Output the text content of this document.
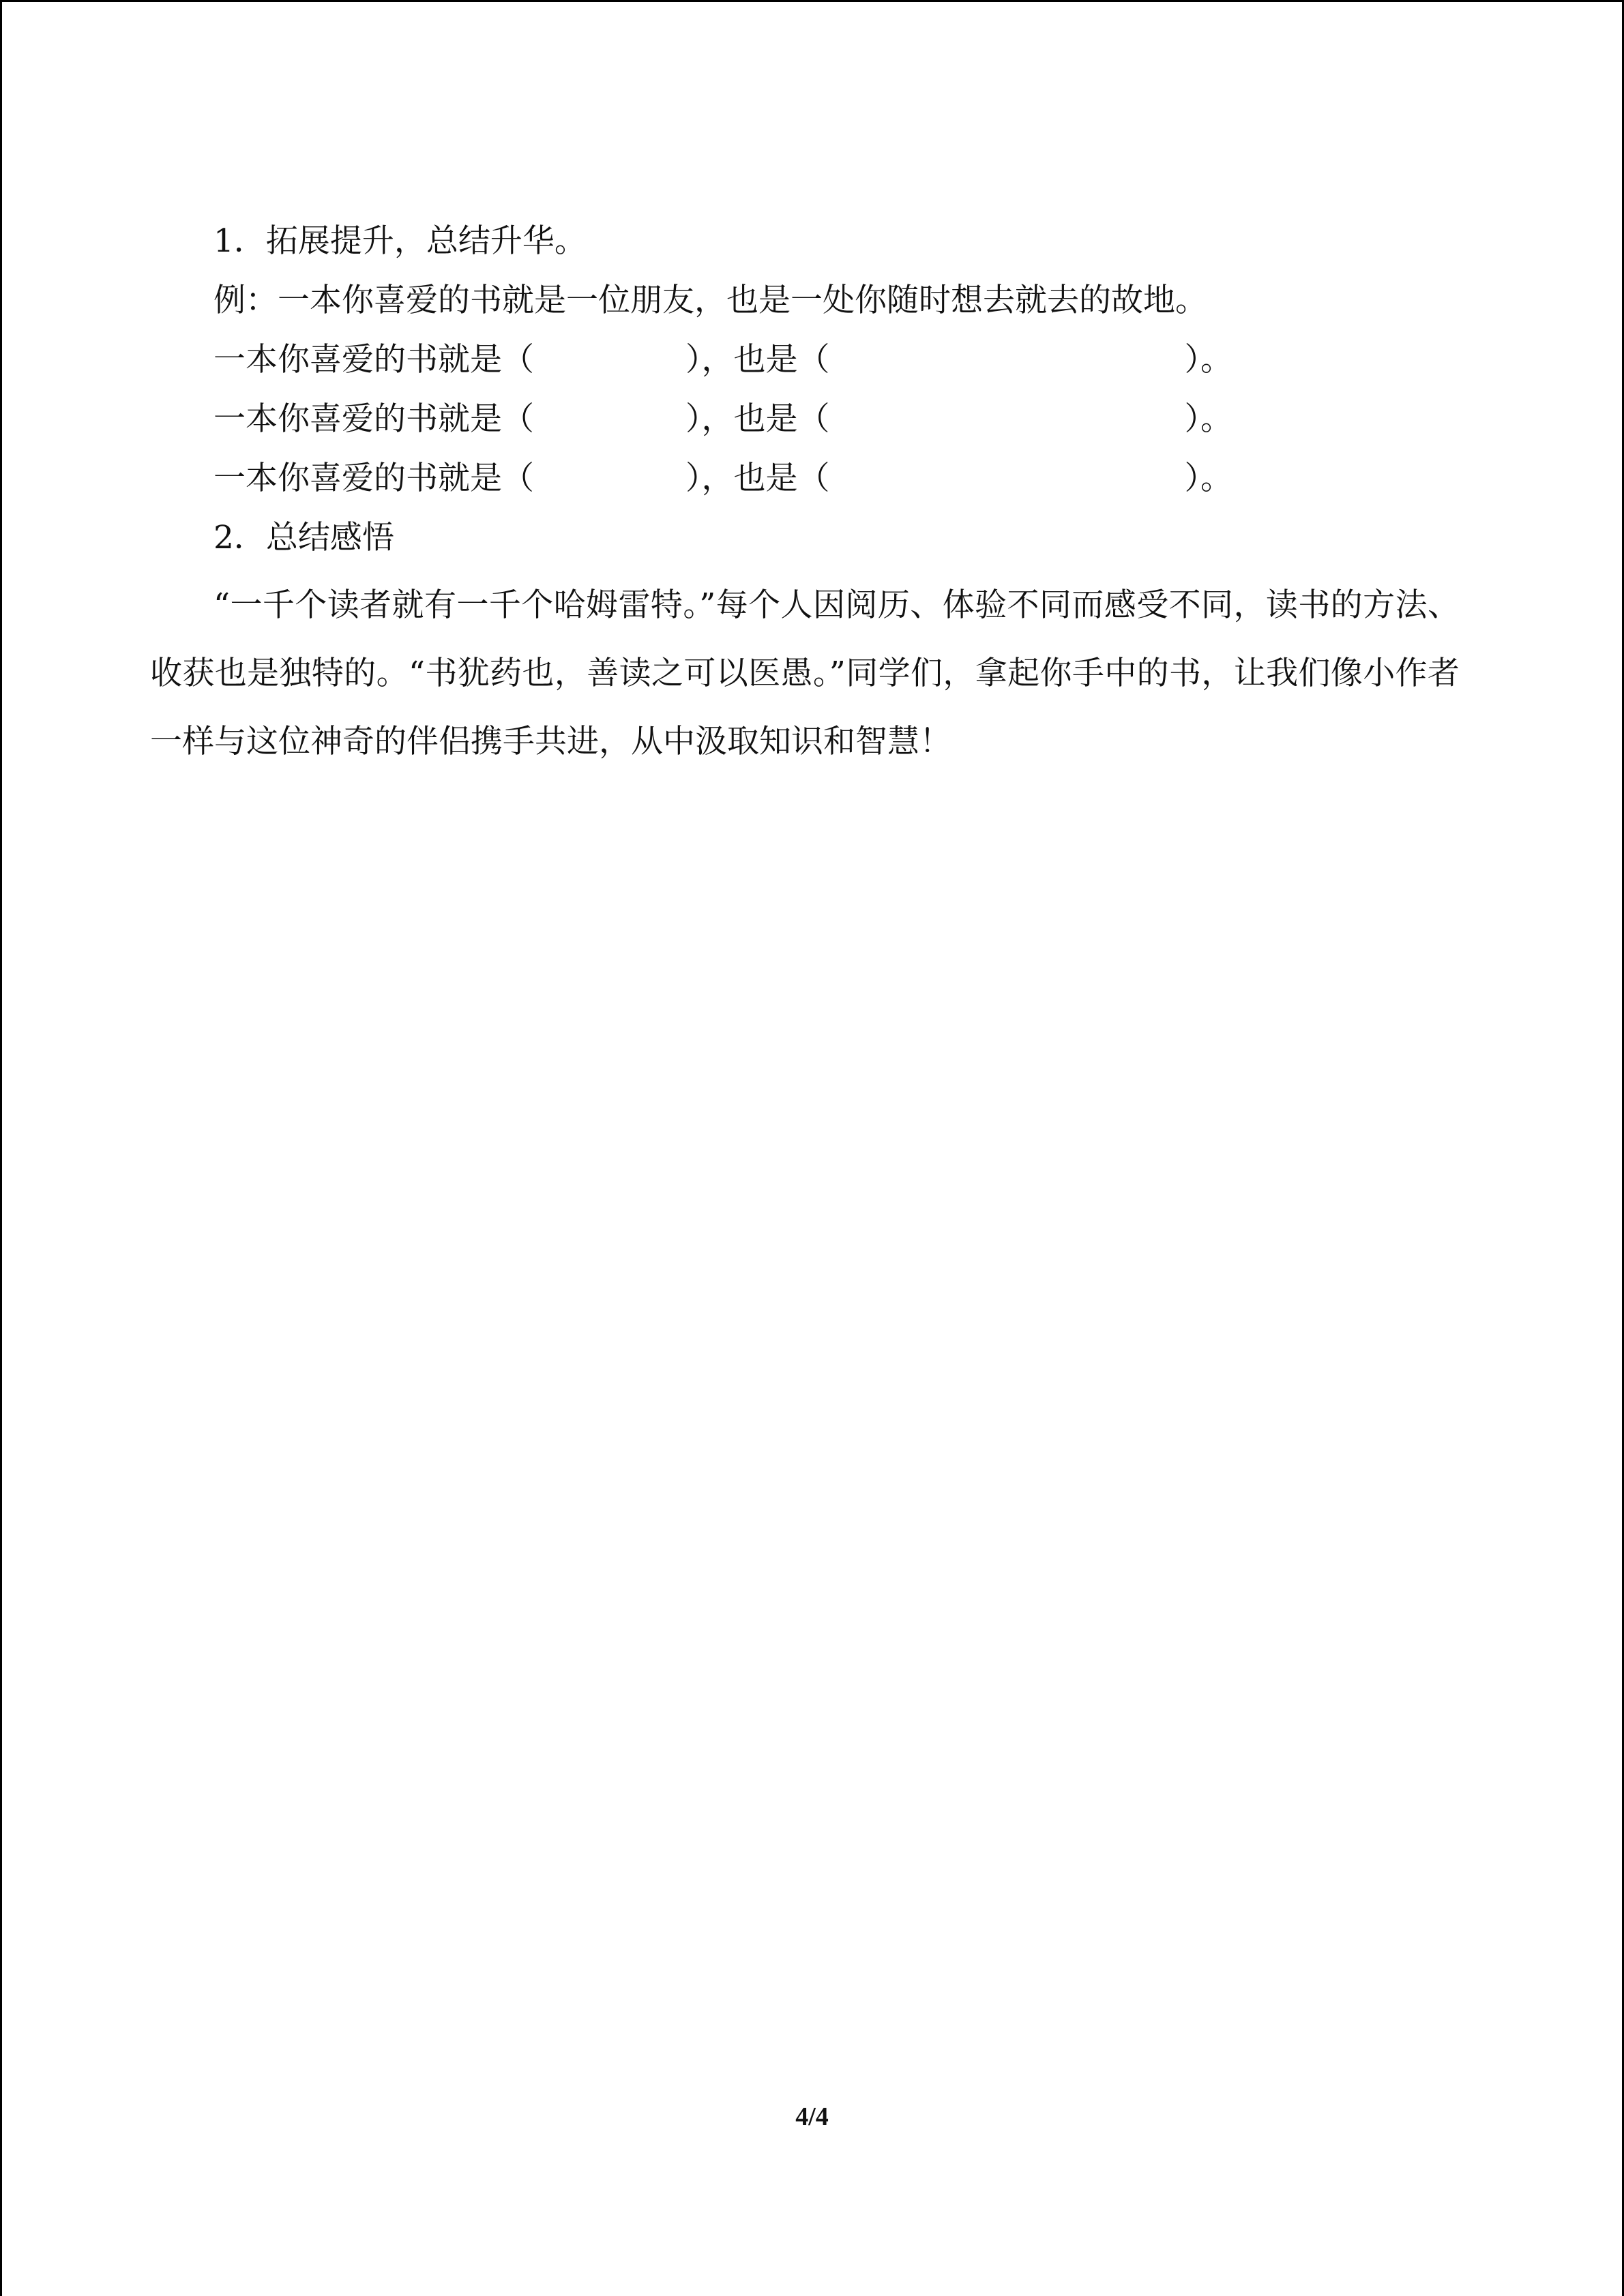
1．拓展提升，总结升华。
例：一本你喜爱的书就是一位朋友，也是一处你随时想去就去的故地。
一本你喜爱的书就是（	），也是（	）。
一本你喜爱的书就是（	），也是（	）。
一本你喜爱的书就是（	），也是（	）。
2．总结感悟
“一千个读者就有一千个哈姆雷特。”每个人因阅历、体验不同而感受不同，读书的方法、收获也是独特的。“书犹药也，善读之可以医愚。”同学们，拿起你手中的书，让我们像小作者一样与这位神奇的伴侣携手共进，从中汲取知识和智慧！
4/4
